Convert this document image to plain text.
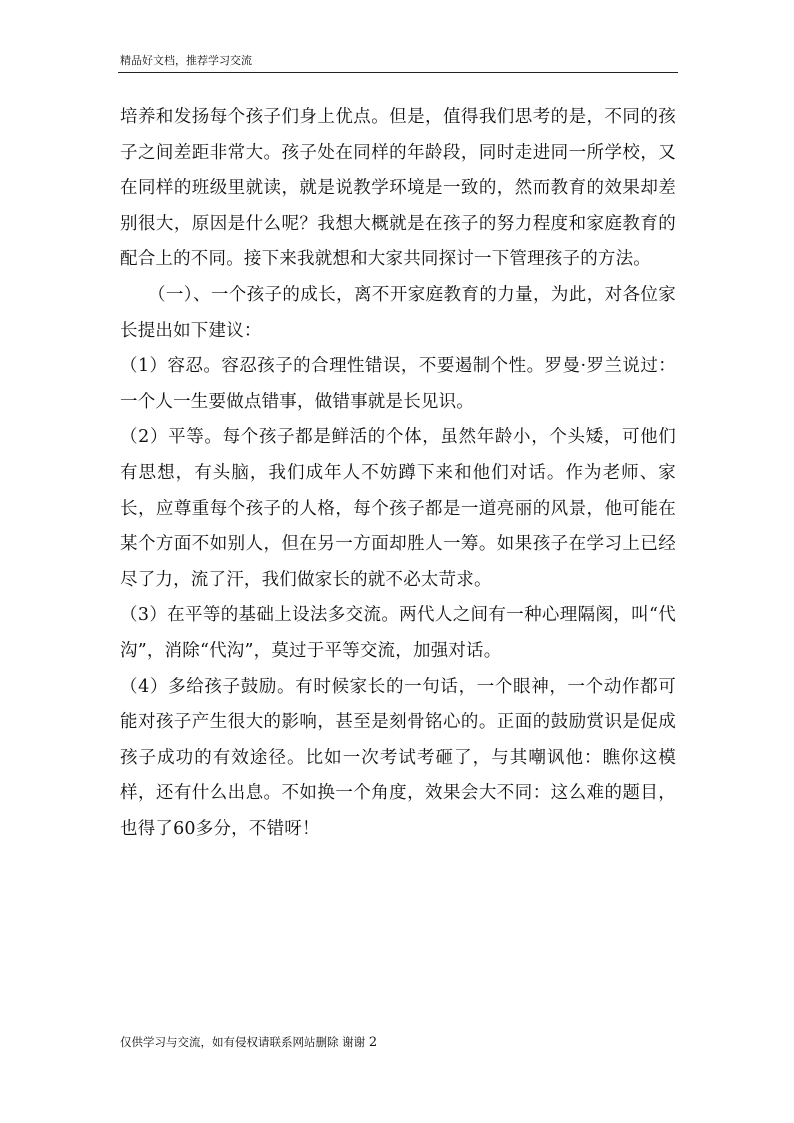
精品好文档，推荐学习交流

培养和发扬每个孩子们身上优点。但是，值得我们思考的是，不同的孩子之间差距非常大。孩子处在同样的年龄段，同时走进同一所学校，又在同样的班级里就读，就是说教学环境是一致的，然而教育的效果却差别很大，原因是什么呢？我想大概就是在孩子的努力程度和家庭教育的配合上的不同。接下来我就想和大家共同探讨一下管理孩子的方法。

（一）、一个孩子的成长，离不开家庭教育的力量，为此，对各位家长提出如下建议：

（1）容忍。容忍孩子的合理性错误，不要遏制个性。罗曼·罗兰说过：一个人一生要做点错事，做错事就是长见识。

（2）平等。每个孩子都是鲜活的个体，虽然年龄小，个头矮，可他们有思想，有头脑，我们成年人不妨蹲下来和他们对话。作为老师、家长，应尊重每个孩子的人格，每个孩子都是一道亮丽的风景，他可能在某个方面不如别人，但在另一方面却胜人一筹。如果孩子在学习上已经尽了力，流了汗，我们做家长的就不必太苛求。

（3）在平等的基础上设法多交流。两代人之间有一种心理隔阂，叫“代沟”，消除“代沟”，莫过于平等交流，加强对话。

（4）多给孩子鼓励。有时候家长的一句话，一个眼神，一个动作都可能对孩子产生很大的影响，甚至是刻骨铭心的。正面的鼓励赏识是促成孩子成功的有效途径。比如一次考试考砸了，与其嘲讽他：瞧你这模样，还有什么出息。不如换一个角度，效果会大不同：这么难的题目，也得了60多分，不错呀！

仅供学习与交流，如有侵权请联系网站删除 谢谢 2
